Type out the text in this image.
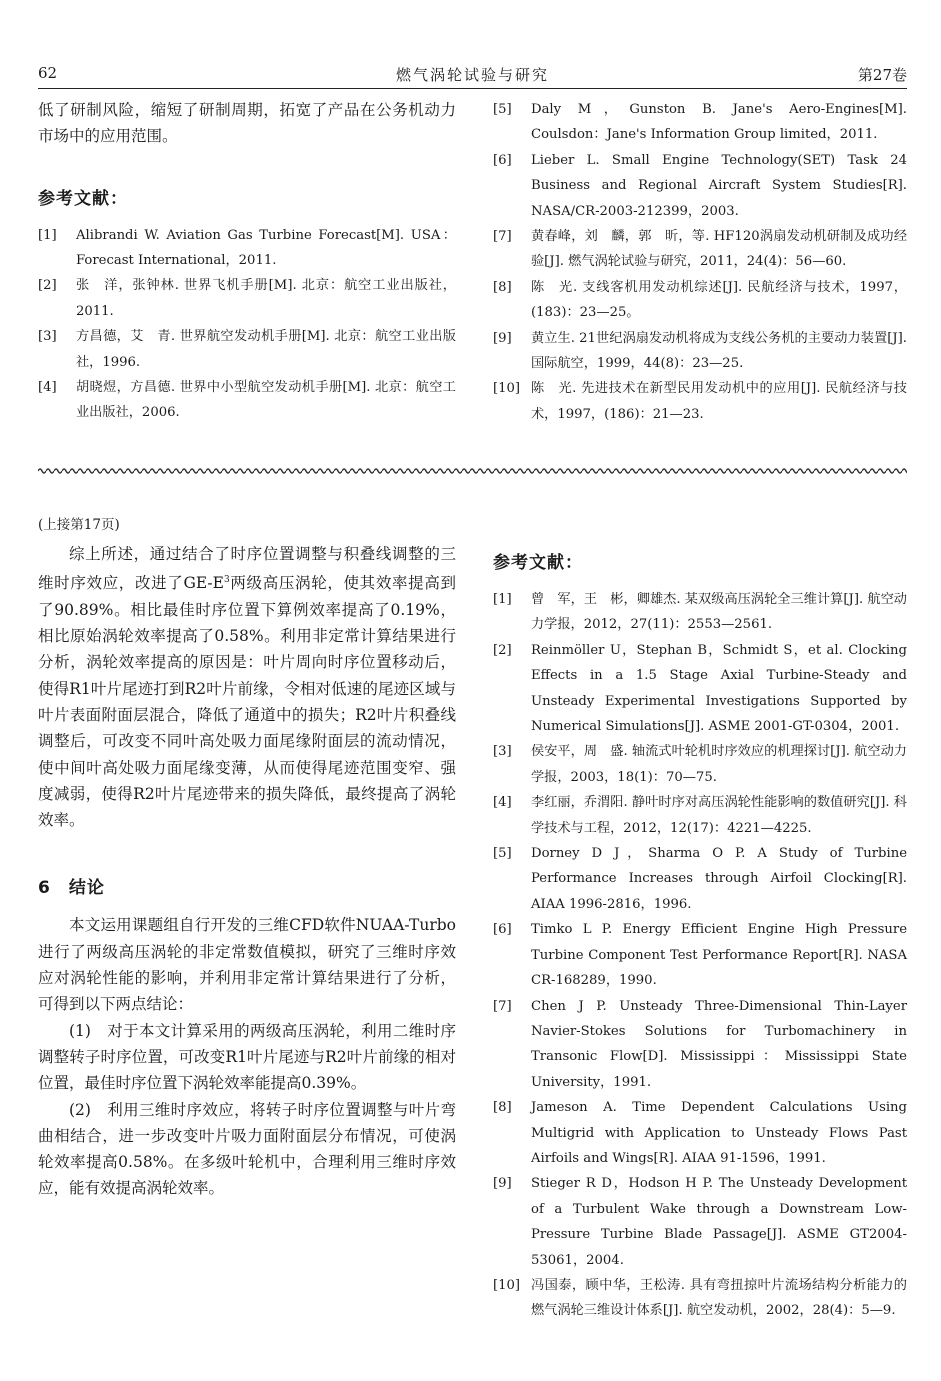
62	燃气涡轮试验与研究	第27卷

低了研制风险，缩短了研制周期，拓宽了产品在公务机动力市场中的应用范围。

参考文献：
[1] Alibrandi W. Aviation Gas Turbine Forecast[M]. USA：Forecast International，2011.
[2] 张　洋，张钟林. 世界飞机手册[M]. 北京：航空工业出版社，2011.
[3] 方昌德，艾　青. 世界航空发动机手册[M]. 北京：航空工业出版社，1996.
[4] 胡晓煜，方昌德. 世界中小型航空发动机手册[M]. 北京：航空工业出版社，2006.
[5] Daly M，Gunston B. Jane's Aero-Engines[M]. Coulsdon：Jane's Information Group limited，2011.
[6] Lieber L. Small Engine Technology(SET) Task 24 Business and Regional Aircraft System Studies[R]. NASA/CR-2003-212399，2003.
[7] 黄春峰，刘　麟，郭　昕，等. HF120涡扇发动机研制及成功经验[J]. 燃气涡轮试验与研究，2011，24(4)：56—60.
[8] 陈　光. 支线客机用发动机综述[J]. 民航经济与技术，1997，(183)：23—25。
[9] 黄立生. 21世纪涡扇发动机将成为支线公务机的主要动力装置[J]. 国际航空，1999，44(8)：23—25.
[10] 陈　光. 先进技术在新型民用发动机中的应用[J]. 民航经济与技术，1997，(186)：21—23.

(上接第17页)

综上所述，通过结合了时序位置调整与积叠线调整的三维时序效应，改进了$GE-E^3$两级高压涡轮，使其效率提高到了90.89%。相比最佳时序位置下算例效率提高了0.19%，相比原始涡轮效率提高了0.58%。利用非定常计算结果进行分析，涡轮效率提高的原因是：叶片周向时序位置移动后，使得R1叶片尾迹打到R2叶片前缘，令相对低速的尾迹区域与叶片表面附面层混合，降低了通道中的损失；R2叶片积叠线调整后，可改变不同叶高处吸力面尾缘附面层的流动情况，使中间叶高处吸力面尾缘变薄，从而使得尾迹范围变窄、强度减弱，使得R2叶片尾迹带来的损失降低，最终提高了涡轮效率。

6　结论

本文运用课题组自行开发的三维CFD软件NUAA-Turbo进行了两级高压涡轮的非定常数值模拟，研究了三维时序效应对涡轮性能的影响，并利用非定常计算结果进行了分析，可得到以下两点结论：

(1)　对于本文计算采用的两级高压涡轮，利用二维时序调整转子时序位置，可改变R1叶片尾迹与R2叶片前缘的相对位置，最佳时序位置下涡轮效率能提高0.39%。

(2)　利用三维时序效应，将转子时序位置调整与叶片弯曲相结合，进一步改变叶片吸力面附面层分布情况，可使涡轮效率提高0.58%。在多级叶轮机中，合理利用三维时序效应，能有效提高涡轮效率。

参考文献：
[1] 曾　军，王　彬，卿雄杰. 某双级高压涡轮全三维计算[J]. 航空动力学报，2012，27(11)：2553—2561.
[2] Reinmöller U，Stephan B，Schmidt S，et al. Clocking Effects in a 1.5 Stage Axial Turbine-Steady and Unsteady Experimental Investigations Supported by Numerical Simulations[J]. ASME 2001-GT-0304，2001.
[3] 侯安平，周　盛. 轴流式叶轮机时序效应的机理探讨[J]. 航空动力学报，2003，18(1)：70—75.
[4] 李红丽，乔渭阳. 静叶时序对高压涡轮性能影响的数值研究[J]. 科学技术与工程，2012，12(17)：4221—4225.
[5] Dorney D J，Sharma O P. A Study of Turbine Performance Increases through Airfoil Clocking[R]. AIAA 1996-2816，1996.
[6] Timko L P. Energy Efficient Engine High Pressure Turbine Component Test Performance Report[R]. NASA CR-168289，1990.
[7] Chen J P. Unsteady Three-Dimensional Thin-Layer Navier-Stokes Solutions for Turbomachinery in Transonic Flow[D]. Mississippi：Mississippi State University，1991.
[8] Jameson A. Time Dependent Calculations Using Multigrid with Application to Unsteady Flows Past Airfoils and Wings[R]. AIAA 91-1596，1991.
[9] Stieger R D，Hodson H P. The Unsteady Development of a Turbulent Wake through a Downstream Low-Pressure Turbine Blade Passage[J]. ASME GT2004-53061，2004.
[10] 冯国泰，顾中华，王松涛. 具有弯扭掠叶片流场结构分析能力的燃气涡轮三维设计体系[J]. 航空发动机，2002，28(4)：5—9.
